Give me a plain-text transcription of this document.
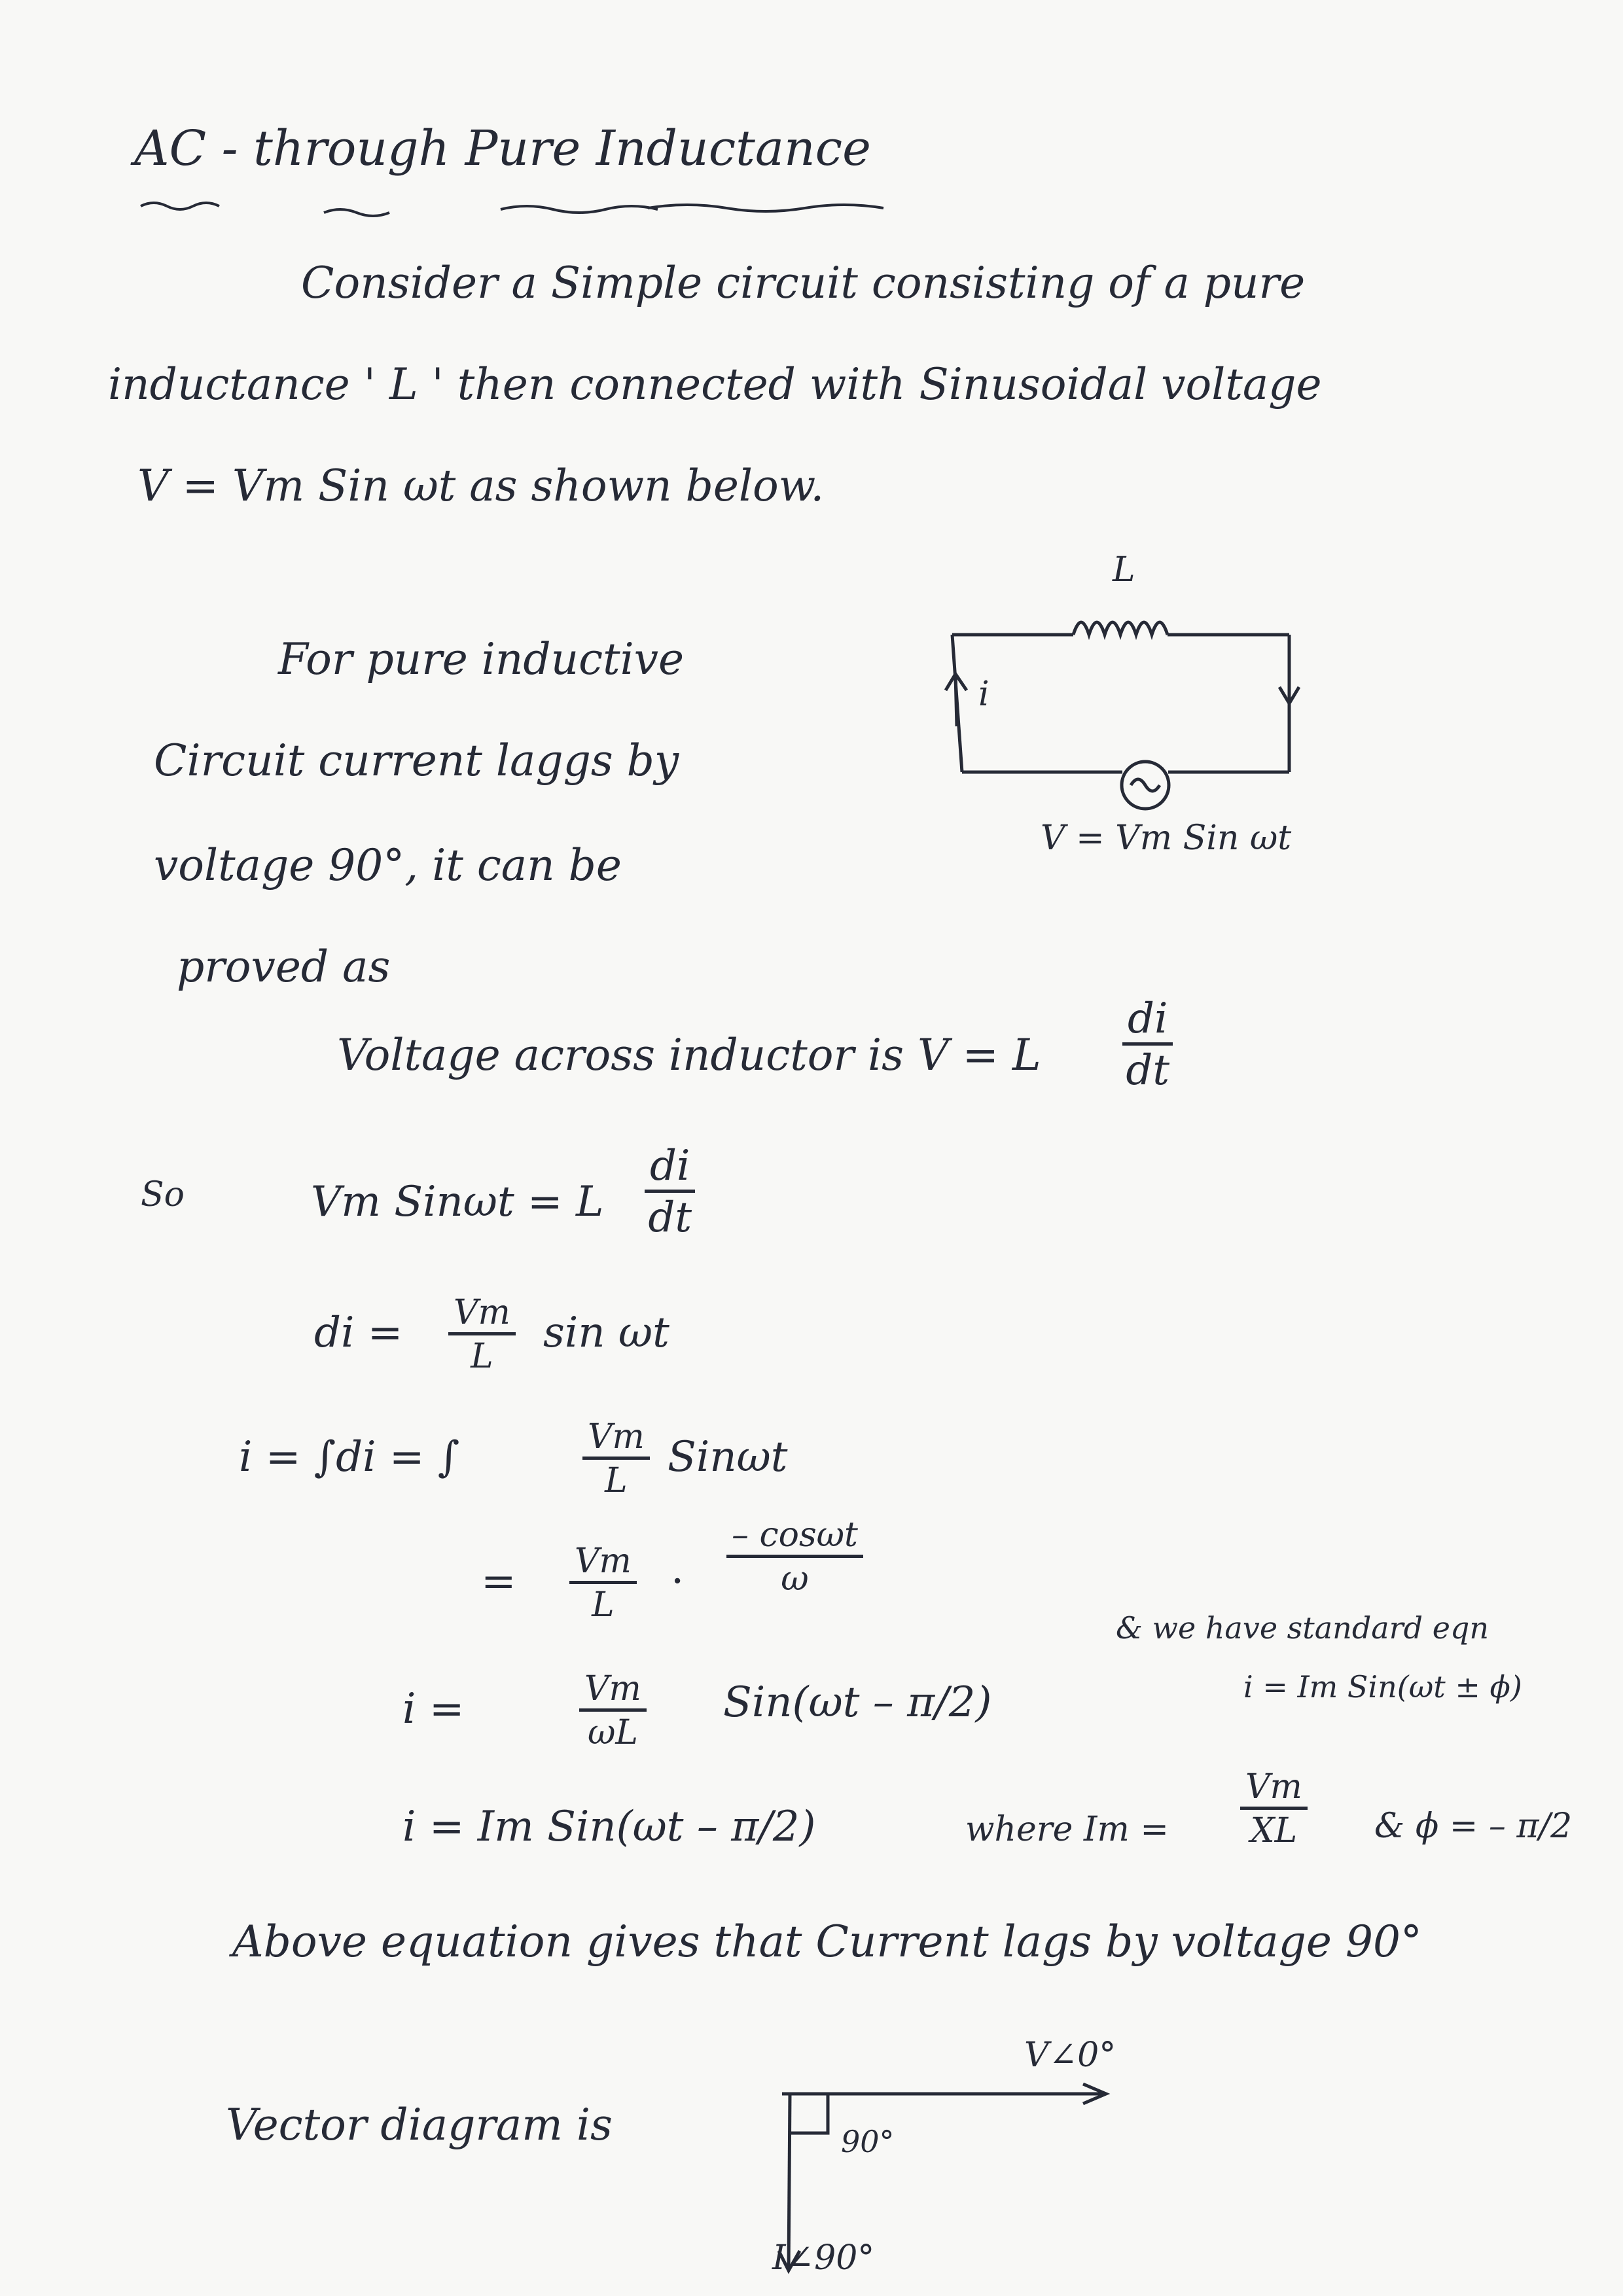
AC - through Pure Inductance
Consider a Simple circuit consisting of a pure
inductance ' L ' then connected with Sinusoidal voltage
V = Vm Sin ωt as shown below.
L
i
V = Vm Sin ωt
For pure inductive
Circuit current laggs by
voltage 90°, it can be
proved as
Voltage across inductor is V = L $\frac{di}{dt}$
So	Vm Sinωt = L $\frac{di}{dt}$
di = $\frac{Vm}{L}$ sin ωt
i = ∫di = ∫	$\frac{Vm}{L}$ Sinωt
= $\frac{Vm}{L} \cdot \frac{- \cos\omega t}{\omega}$
& we have standard eqn
i = Im Sin(ωt ± ϕ)
i =	$\frac{Vm}{\omega L} Sin(\omega t - \pi/2)$
i = Im Sin(ωt – π/2)	where $Im = \frac{Vm}{XL}$ & ϕ = – π/2
Above equation gives that Current lags by voltage 90°
Vector diagram is
V∠0°
90°
I∠90°
